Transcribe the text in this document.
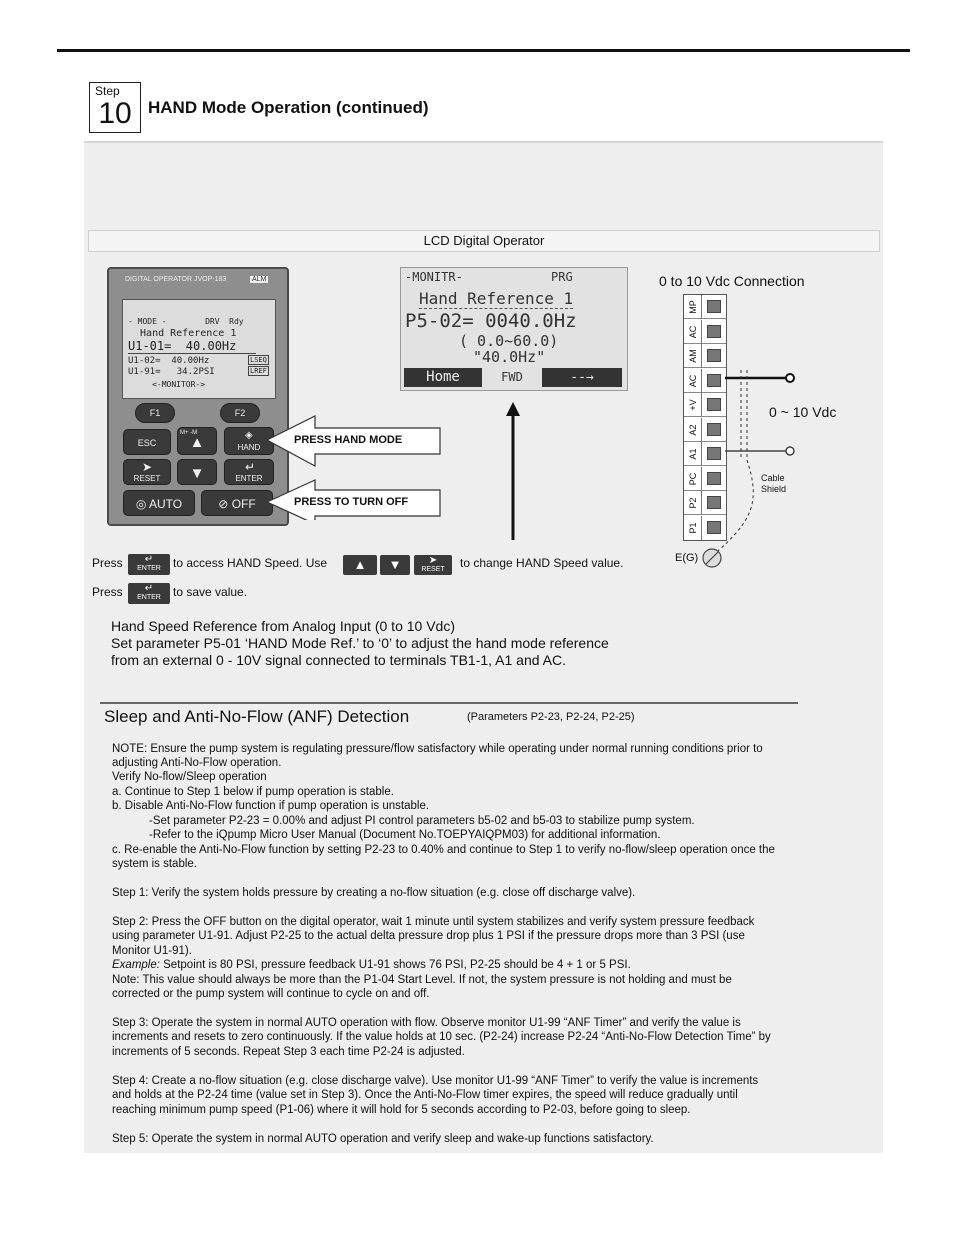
Step
10 HAND Mode Operation (continued)
LCD Digital Operator
DIGITAL OPERATOR JVOP-183	ALM
- MODE -        DRV  Rdy
Hand Reference 1
U1-01=  40.00Hz
U1-02=  40.00Hz
U1-91=   34.2PSI
<-MONITOR->
LSEQ
LREF
F1	F2
ESC
M+ -M
▲	◈
HAND
➤
RESET	▼	↵
ENTER
◎ AUTO	⊘ OFF
PRESS HAND MODE
PRESS TO TURN OFF
-MONITR-	PRG
Hand Reference 1
P5-02= 0040.0Hz
( 0.0~60.0)
"40.0Hz"
Home	FWD	--→
0 to 10 Vdc Connection
MP
AC
AM
AC
+V
A2
A1
PC
P2
P1
0 ~ 10 Vdc
Cable Shield
E(G)
Press	↵
ENTER	to access HAND Speed. Use	▲	▼	➤
RESET	to change HAND Speed value.
Press	↵
ENTER	to save value.
Hand Speed Reference from Analog Input (0 to 10 Vdc)
Set parameter P5-01 ‘HAND Mode Ref.’ to ‘0’ to adjust the hand mode reference
from an external 0 - 10V signal connected to terminals TB1-1, A1 and AC.
Sleep and Anti-No-Flow (ANF) Detection	(Parameters P2-23, P2-24, P2-25)
NOTE: Ensure the pump system is regulating pressure/flow satisfactory while operating under normal running conditions prior to
adjusting Anti-No-Flow operation.
Verify No-flow/Sleep operation
a. Continue to Step 1 below if pump operation is stable.
b. Disable Anti-No-Flow function if pump operation is unstable.
-Set parameter P2-23 = 0.00% and adjust PI control parameters b5-02 and b5-03 to stabilize pump system.
-Refer to the iQpump Micro User Manual (Document No.TOEPYAIQPM03) for additional information.
c. Re-enable the Anti-No-Flow function by setting P2-23 to 0.40% and continue to Step 1 to verify no-flow/sleep operation once the
system is stable.
Step 1: Verify the system holds pressure by creating a no-flow situation (e.g. close off discharge valve).
Step 2: Press the OFF button on the digital operator, wait 1 minute until system stabilizes and verify system pressure feedback
using parameter U1-91. Adjust P2-25 to the actual delta pressure drop plus 1 PSI if the pressure drops more than 3 PSI (use
Monitor U1-91).
Example: Setpoint is 80 PSI, pressure feedback U1-91 shows 76 PSI, P2-25 should be 4 + 1 or 5 PSI.
Note: This value should always be more than the P1-04 Start Level. If not, the system pressure is not holding and must be
corrected or the pump system will continue to cycle on and off.
Step 3: Operate the system in normal AUTO operation with flow. Observe monitor U1-99 “ANF Timer” and verify the value is
increments and resets to zero continuously. If the value holds at 10 sec. (P2-24) increase P2-24 “Anti-No-Flow Detection Time” by
increments of 5 seconds. Repeat Step 3 each time P2-24 is adjusted.
Step 4: Create a no-flow situation (e.g. close discharge valve). Use monitor U1-99 “ANF Timer” to verify the value is increments
and holds at the P2-24 time (value set in Step 3). Once the Anti-No-Flow timer expires, the speed will reduce gradually until
reaching minimum pump speed (P1-06) where it will hold for 5 seconds according to P2-03, before going to sleep.
Step 5: Operate the system in normal AUTO operation and verify sleep and wake-up functions satisfactory.
